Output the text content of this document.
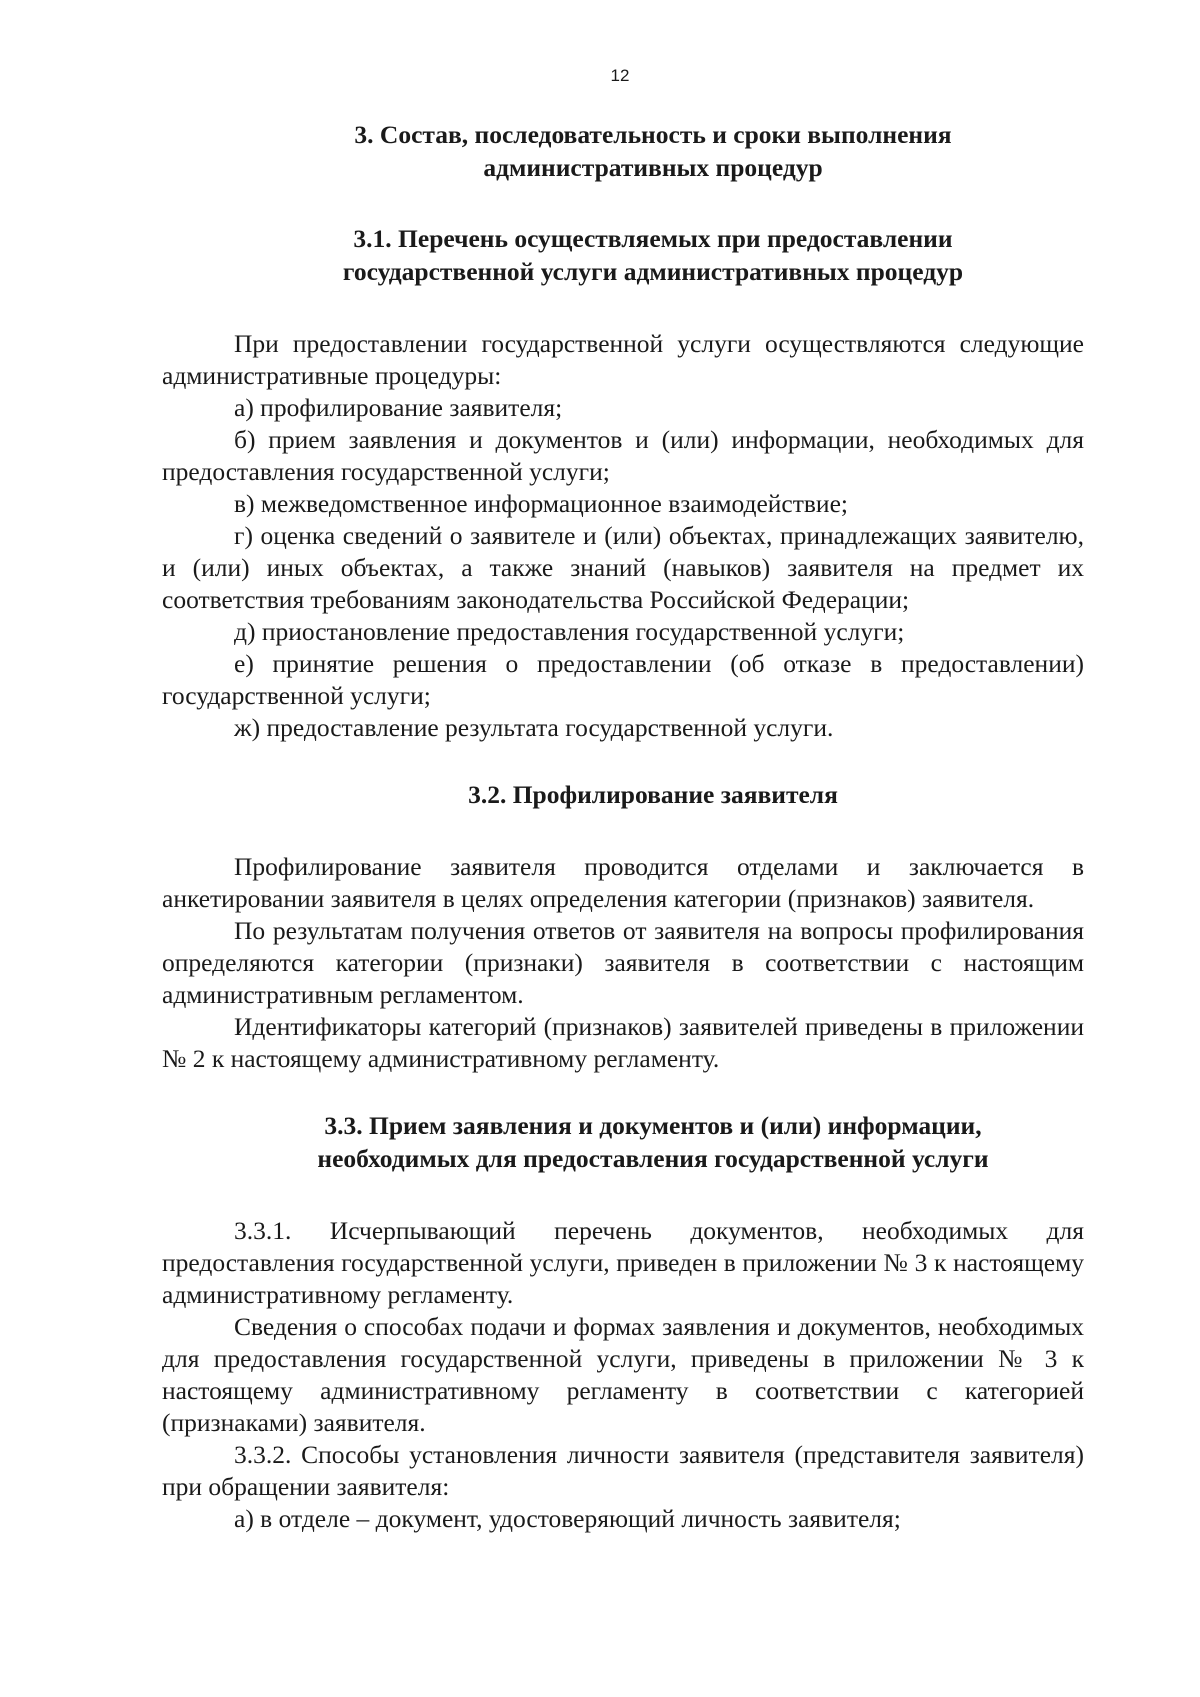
12
3. Состав, последовательность и сроки выполнения
административных процедур
3.1. Перечень осуществляемых при предоставлении
государственной услуги административных процедур

При предоставлении государственной услуги осуществляются следующие административные процедуры:

а) профилирование заявителя;

б) прием заявления и документов и (или) информации, необходимых для предоставления государственной услуги;

в) межведомственное информационное взаимодействие;

г) оценка сведений о заявителе и (или) объектах, принадлежащих заявителю, и (или) иных объектах, а также знаний (навыков) заявителя на предмет их соответствия требованиям законодательства Российской Федерации;

д) приостановление предоставления государственной услуги;

е) принятие решения о предоставлении (об отказе в предоставлении) государственной услуги;

ж) предоставление результата государственной услуги.

3.2. Профилирование заявителя

Профилирование заявителя проводится отделами и заключается в анкетировании заявителя в целях определения категории (признаков) заявителя.

По результатам получения ответов от заявителя на вопросы профилирования определяются категории (признаки) заявителя в соответствии с настоящим административным регламентом.

Идентификаторы категорий (признаков) заявителей приведены в приложении № 2 к настоящему административному регламенту.

3.3. Прием заявления и документов и (или) информации,
необходимых для предоставления государственной услуги

3.3.1. Исчерпывающий перечень документов, необходимых для предоставления государственной услуги, приведен в приложении № 3 к настоящему административному регламенту.

Сведения о способах подачи и формах заявления и документов, необходимых для предоставления государственной услуги, приведены в приложении № 3 к настоящему административному регламенту в соответствии с категорией (признаками) заявителя.

3.3.2. Способы установления личности заявителя (представителя заявителя) при обращении заявителя:

а) в отделе – документ, удостоверяющий личность заявителя;
